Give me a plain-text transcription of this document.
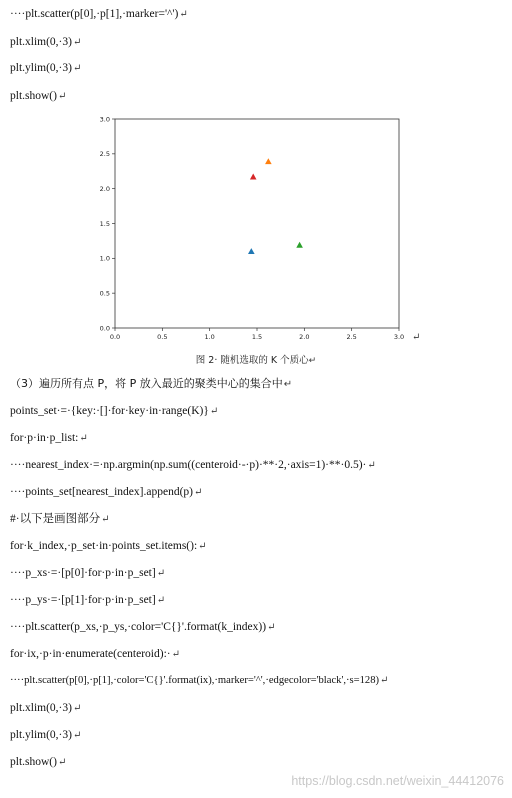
····plt.scatter(p[0],·p[1],·marker='^')↵
plt.xlim(0,·3)↵
plt.ylim(0,·3)↵
plt.show()↵
0.0	0.5	1.0	1.5	2.0	2.5	3.0
0.0
0.5
1.0
1.5
2.0
2.5
3.0
↵
图 2· 随机选取的 K 个质心↵
（3）遍历所有点 P，将 P 放入最近的聚类中心的集合中↵
points_set·=·{key:·[]·for·key·in·range(K)}↵
for·p·in·p_list:↵
····nearest_index·=·np.argmin(np.sum((centeroid·-·p)·**·2,·axis=1)·**·0.5)·↵
····points_set[nearest_index].append(p)↵
#·以下是画图部分↵
for·k_index,·p_set·in·points_set.items():↵
····p_xs·=·[p[0]·for·p·in·p_set]↵
····p_ys·=·[p[1]·for·p·in·p_set]↵
····plt.scatter(p_xs,·p_ys,·color='C{}'.format(k_index))↵
for·ix,·p·in·enumerate(centeroid):·↵
····plt.scatter(p[0],·p[1],·color='C{}'.format(ix),·marker='^',·edgecolor='black',·s=128)↵
plt.xlim(0,·3)↵
plt.ylim(0,·3)↵
plt.show()↵
https://blog.csdn.net/weixin_44412076
